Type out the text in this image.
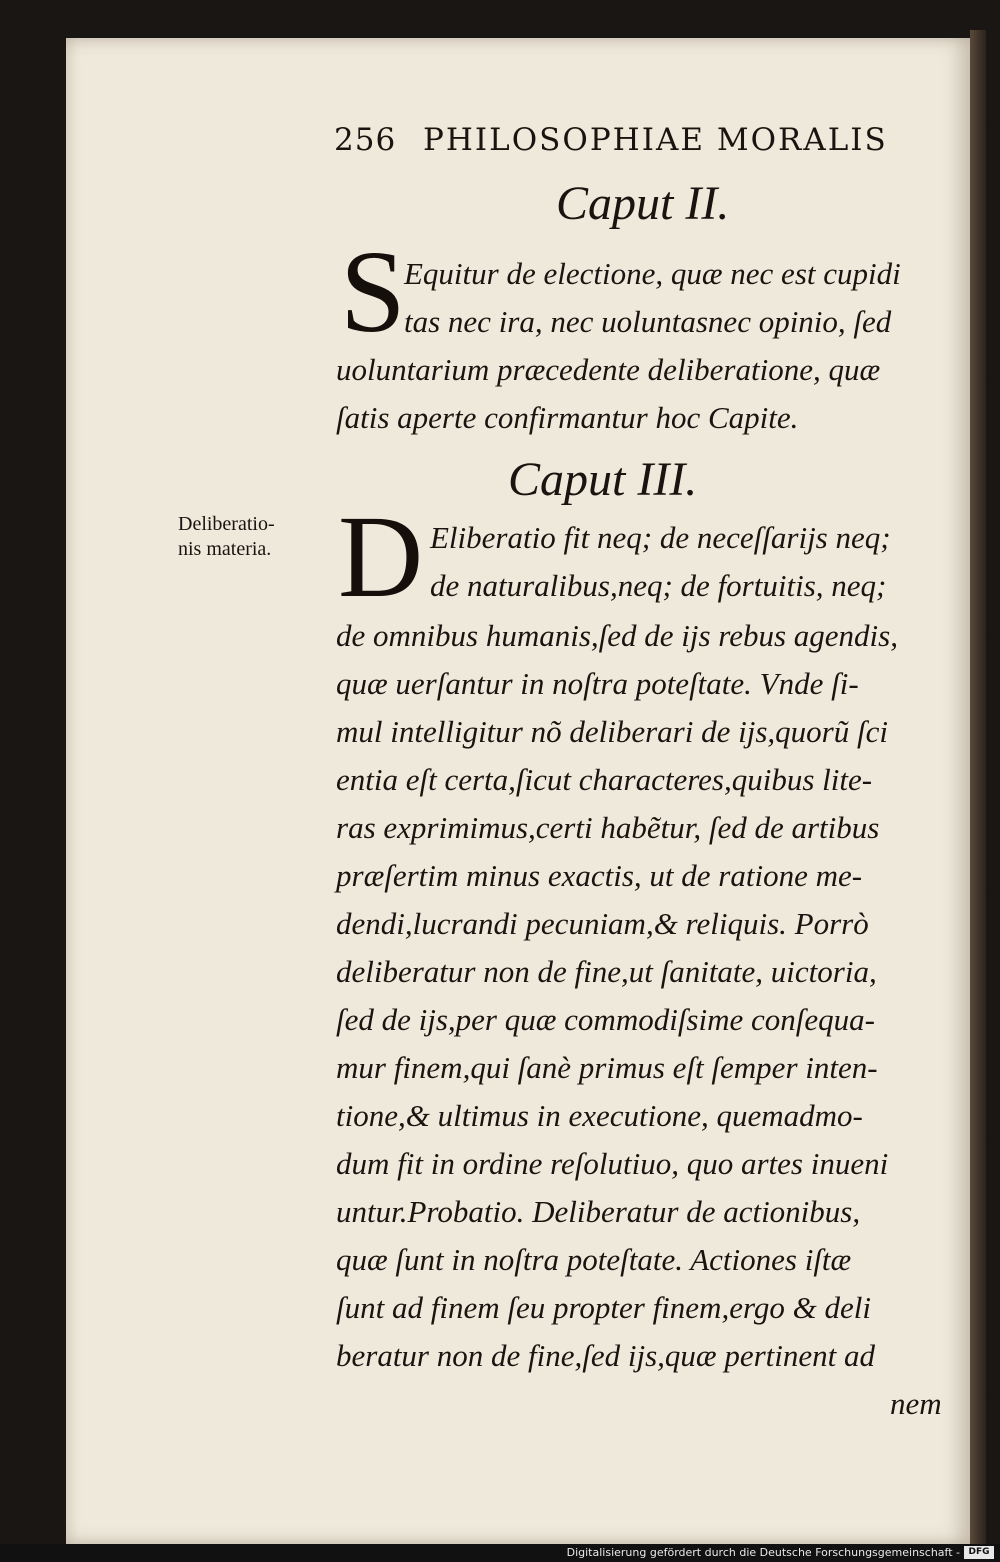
256 PHILOSOPHIAE MORALIS
Caput II.
S
Equitur de electione, quæ nec est cupidi
tas nec ira, nec uoluntasnec opinio, ſed
uoluntarium præcedente deliberatione, quæ
ſatis aperte confirmantur hoc Capite.
Caput III.
Deliberatio-
nis materia. D Eliberatio fit neq; de neceſſarijs neq;
de naturalibus,neq; de fortuitis, neq;
de omnibus humanis,ſed de ijs rebus agendis,
quæ uerſantur in noſtra poteſtate. Vnde ſi-
mul intelligitur nõ deliberari de ijs,quorũ ſci
entia eſt certa,ſicut characteres,quibus lite-
ras exprimimus,certi habẽtur, ſed de artibus
præſertim minus exactis, ut de ratione me-
dendi,lucrandi pecuniam,& reliquis. Porrò
deliberatur non de fine,ut ſanitate, uictoria,
ſed de ijs,per quæ commodiſsime conſequa-
mur finem,qui ſanè primus eſt ſemper inten-
tione,& ultimus in executione, quemadmo-
dum fit in ordine reſolutiuo, quo artes inueni
untur.Probatio. Deliberatur de actionibus,
quæ ſunt in noſtra poteſtate. Actiones iſtæ
ſunt ad finem ſeu propter finem,ergo & deli
beratur non de fine,ſed ijs,quæ pertinent ad
nem
Digitalisierung gefördert durch die Deutsche Forschungsgemeinschaft - DFG
